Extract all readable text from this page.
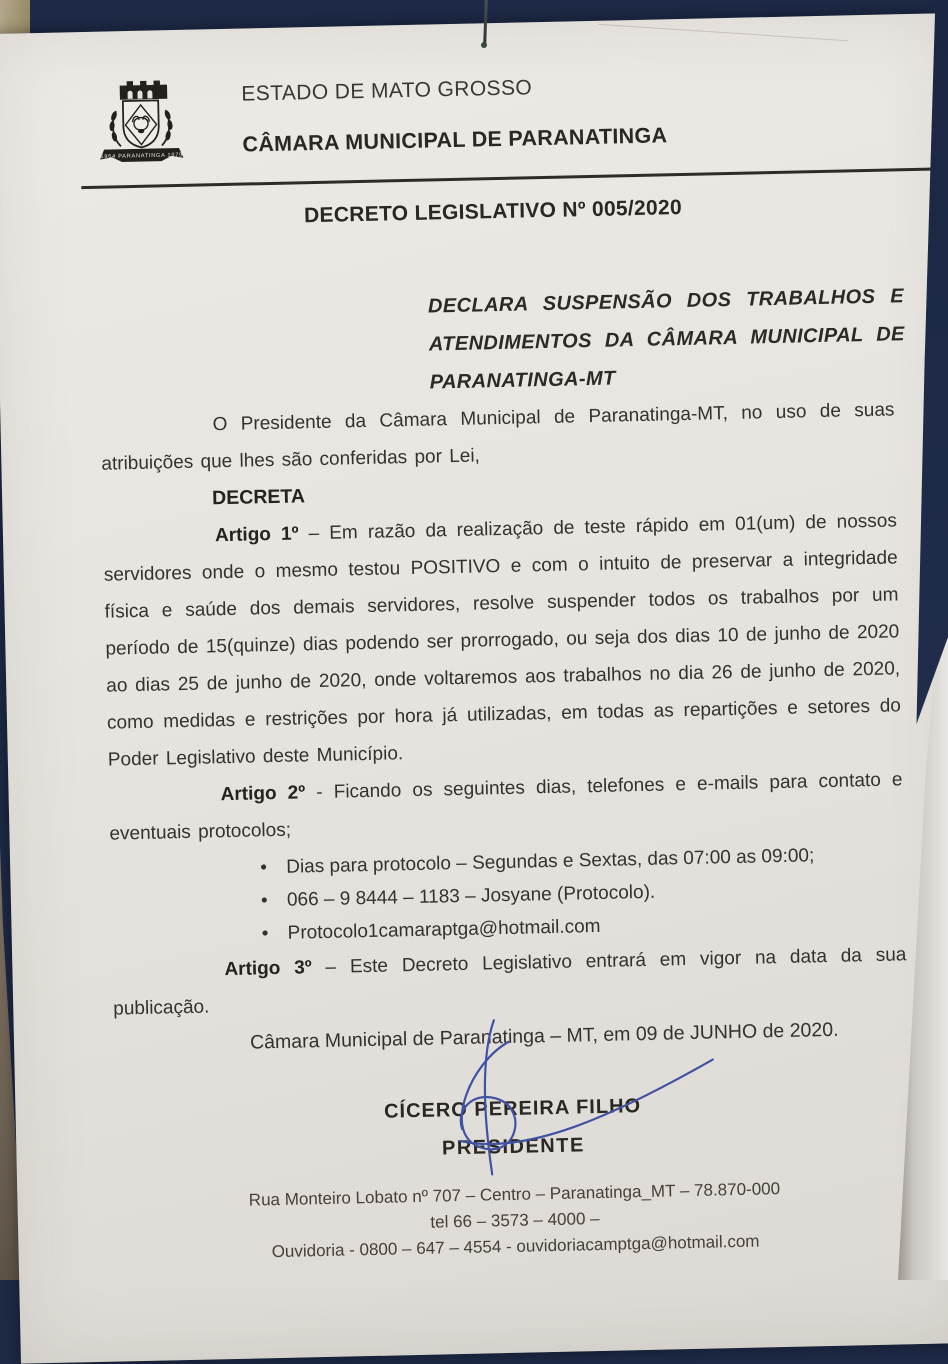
1964 PARANATINGA 1979
ESTADO DE MATO GROSSO
CÂMARA MUNICIPAL DE PARANATINGA
DECRETO LEGISLATIVO Nº 005/2020
DECLARA SUSPENSÃO DOS TRABALHOS E ATENDIMENTOS DA CÂMARA MUNICIPAL DE PARANATINGA-MT

O Presidente da Câmara Municipal de Paranatinga-MT, no uso de suas atribuições que lhes são conferidas por Lei,

DECRETA

Artigo 1º – Em razão da realização de teste rápido em 01(um) de nossos servidores onde o mesmo testou POSITIVO e com o intuito de preservar a integridade física e saúde dos demais servidores, resolve suspender todos os trabalhos por um período de 15(quinze) dias podendo ser prorrogado, ou seja dos dias 10 de junho de 2020 ao dias 25 de junho de 2020, onde voltaremos aos trabalhos no dia 26 de junho de 2020, como medidas e restrições por hora já utilizadas, em todas as repartições e setores do Poder Legislativo deste Município.

Artigo 2º - Ficando os seguintes dias, telefones e e-mails para contato e eventuais protocolos;

• Dias para protocolo – Segundas e Sextas, das 07:00 as 09:00;
• 066 – 9 8444 – 1183 – Josyane (Protocolo).
• Protocolo1camaraptga@hotmail.com

Artigo 3º – Este Decreto Legislativo entrará em vigor na data da sua publicação.

Câmara Municipal de Paranatinga – MT, em 09 de JUNHO de 2020.

CÍCERO PEREIRA FILHO
PRESIDENTE
Rua Monteiro Lobato nº 707 – Centro – Paranatinga_MT – 78.870-000
tel 66 – 3573 – 4000 –
Ouvidoria - 0800 – 647 – 4554 - ouvidoriacamptga@hotmail.com
